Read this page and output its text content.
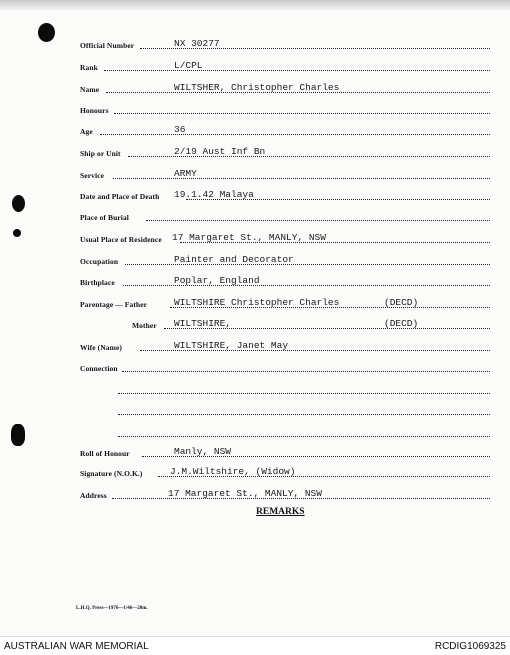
Official Number	NX 30277
Rank	L/CPL
Name	WILTSHER, Christopher Charles
Honours
Age	36
Ship or Unit	2/19 Aust Inf Bn
Service	ARMY
Date and Place of Death 19.1.42 Malaya
Place of Burial
Usual Place of Residence 17 Margaret St., MANLY, NSW
Occupation	Painter and Decorator
Birthplace	Poplar, England
Parentage — Father	WILTSHIRE Christopher Charles	(DECD)
Mother WILTSHIRE,	(DECD)
Wife (Name)	WILTSHIRE, Janet May
Connection
Roll of Honour	Manly, NSW
Signature (N.O.K.)	J.M.Wiltshire, (Widow)
Address	17 Margaret St., MANLY, NSW
REMARKS
L.H.Q. Press—1976—1/46—20m.
AUSTRALIAN WAR MEMORIAL	RCDIG1069325
